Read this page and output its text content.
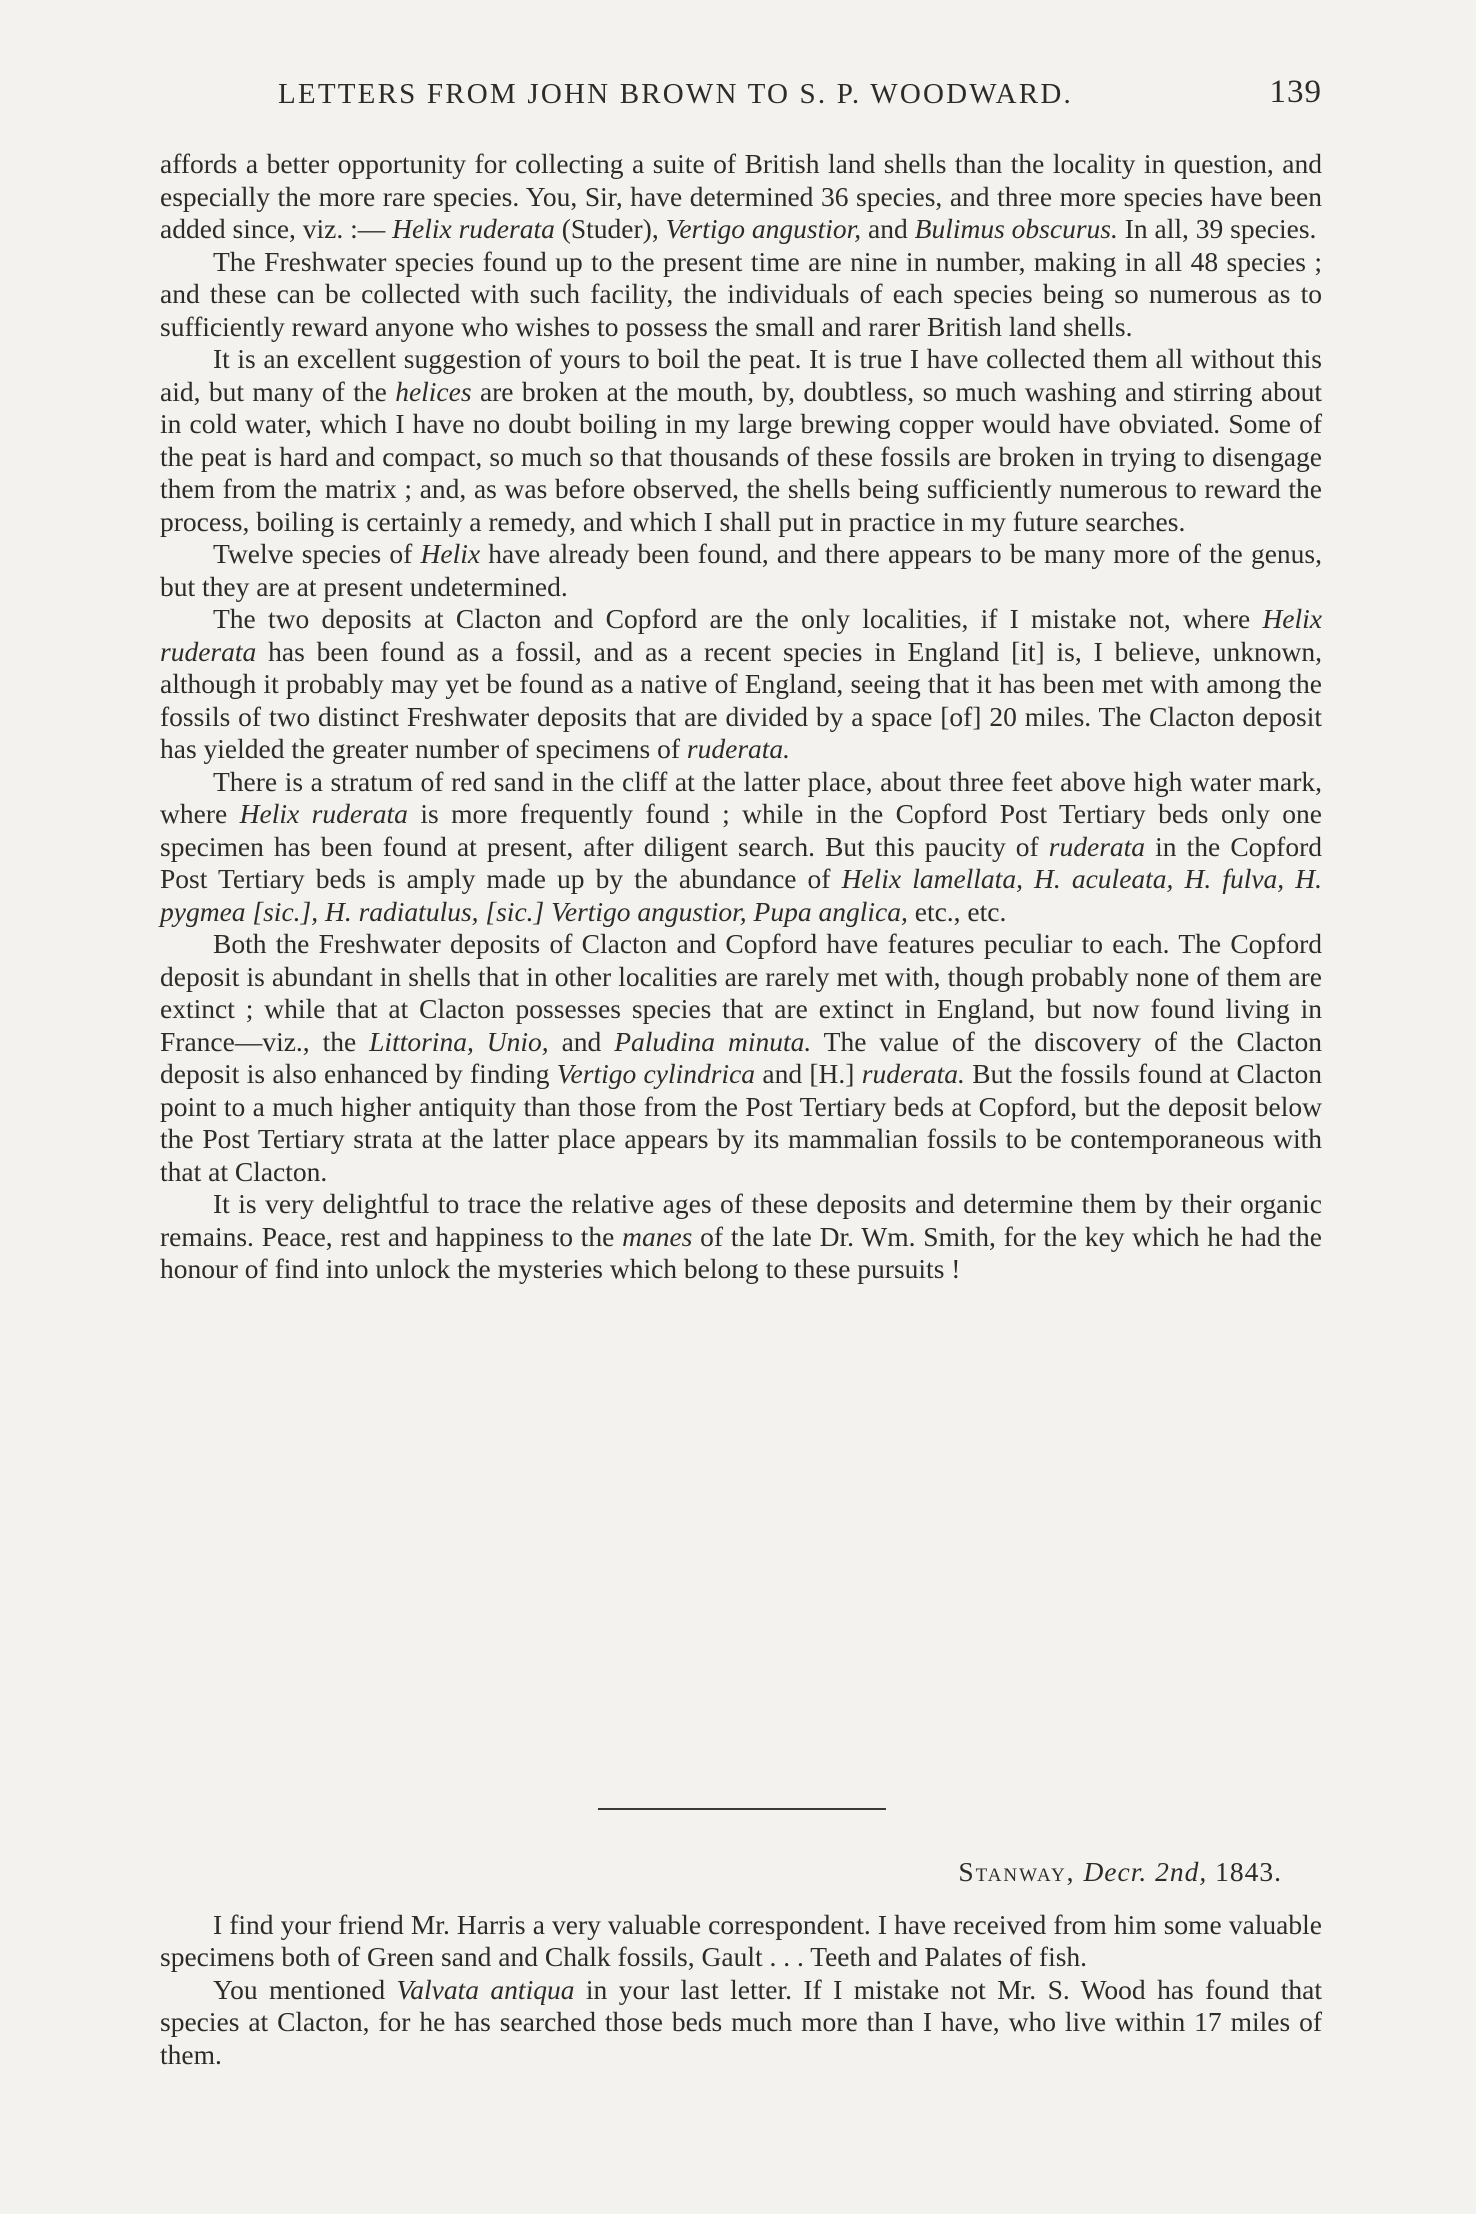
LETTERS FROM JOHN BROWN TO S. P. WOODWARD.	139

affords a better opportunity for collecting a suite of British land shells than the locality in question, and especially the more rare species. You, Sir, have determined 36 species, and three more species have been added since, viz. :— Helix ruderata (Studer), Vertigo angustior, and Bulimus obscurus. In all, 39 species.

The Freshwater species found up to the present time are nine in number, making in all 48 species ; and these can be collected with such facility, the individuals of each species being so numerous as to sufficiently reward anyone who wishes to possess the small and rarer British land shells.

It is an excellent suggestion of yours to boil the peat. It is true I have collected them all without this aid, but many of the helices are broken at the mouth, by, doubtless, so much washing and stirring about in cold water, which I have no doubt boiling in my large brewing copper would have obviated. Some of the peat is hard and compact, so much so that thousands of these fossils are broken in trying to disengage them from the matrix ; and, as was before observed, the shells being sufficiently numerous to reward the process, boiling is certainly a remedy, and which I shall put in practice in my future searches.

Twelve species of Helix have already been found, and there appears to be many more of the genus, but they are at present undetermined.

The two deposits at Clacton and Copford are the only localities, if I mistake not, where Helix ruderata has been found as a fossil, and as a recent species in England [it] is, I believe, unknown, although it probably may yet be found as a native of England, seeing that it has been met with among the fossils of two distinct Freshwater deposits that are divided by a space [of] 20 miles. The Clacton deposit has yielded the greater number of specimens of ruderata.

There is a stratum of red sand in the cliff at the latter place, about three feet above high water mark, where Helix ruderata is more frequently found ; while in the Copford Post Tertiary beds only one specimen has been found at present, after diligent search. But this paucity of ruderata in the Copford Post Tertiary beds is amply made up by the abundance of Helix lamellata, H. aculeata, H. fulva, H. pygmea [sic.], H. radiatulus, [sic.] Vertigo angustior, Pupa anglica, etc., etc.

Both the Freshwater deposits of Clacton and Copford have features peculiar to each. The Copford deposit is abundant in shells that in other localities are rarely met with, though probably none of them are extinct ; while that at Clacton possesses species that are extinct in England, but now found living in France—viz., the Littorina, Unio, and Paludina minuta. The value of the discovery of the Clacton deposit is also enhanced by finding Vertigo cylindrica and [H.] ruderata. But the fossils found at Clacton point to a much higher antiquity than those from the Post Tertiary beds at Copford, but the deposit below the Post Tertiary strata at the latter place appears by its mammalian fossils to be contemporaneous with that at Clacton.

It is very delightful to trace the relative ages of these deposits and determine them by their organic remains. Peace, rest and happiness to the manes of the late Dr. Wm. Smith, for the key which he had the honour of find into unlock the mysteries which belong to these pursuits !

Stanway, Decr. 2nd, 1843.

I find your friend Mr. Harris a very valuable correspondent. I have received from him some valuable specimens both of Green sand and Chalk fossils, Gault . . . Teeth and Palates of fish.

You mentioned Valvata antiqua in your last letter. If I mistake not Mr. S. Wood has found that species at Clacton, for he has searched those beds much more than I have, who live within 17 miles of them.
